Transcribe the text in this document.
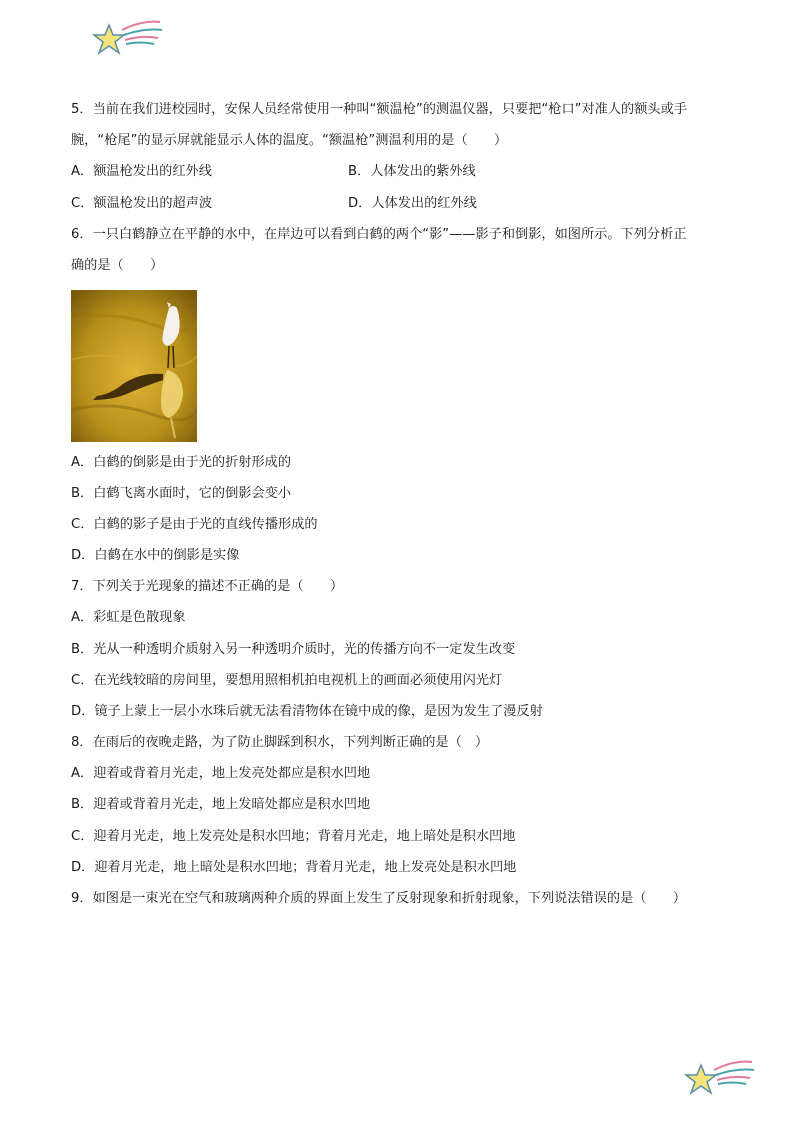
5．当前在我们进校园时，安保人员经常使用一种叫“额温枪”的测温仪器，只要把“枪口”对准人的额头或手
腕，“枪尾”的显示屏就能显示人体的温度。“额温枪”测温利用的是（　　）
A．额温枪发出的红外线	B．人体发出的紫外线
C．额温枪发出的超声波	D．人体发出的红外线
6．一只白鹤静立在平静的水中，在岸边可以看到白鹤的两个“影”——影子和倒影，如图所示。下列分析正
确的是（　　）
A．白鹤的倒影是由于光的折射形成的
B．白鹤飞离水面时，它的倒影会变小
C．白鹤的影子是由于光的直线传播形成的
D．白鹤在水中的倒影是实像
7．下列关于光现象的描述不正确的是（　　）
A．彩虹是色散现象
B．光从一种透明介质射入另一种透明介质时，光的传播方向不一定发生改变
C．在光线较暗的房间里，要想用照相机拍电视机上的画面必须使用闪光灯
D．镜子上蒙上一层小水珠后就无法看清物体在镜中成的像，是因为发生了漫反射
8．在雨后的夜晚走路，为了防止脚踩到积水，下列判断正确的是（　）
A．迎着或背着月光走，地上发亮处都应是积水凹地
B．迎着或背着月光走，地上发暗处都应是积水凹地
C．迎着月光走，地上发亮处是积水凹地；背着月光走，地上暗处是积水凹地
D．迎着月光走，地上暗处是积水凹地；背着月光走，地上发亮处是积水凹地
9．如图是一束光在空气和玻璃两种介质的界面上发生了反射现象和折射现象，下列说法错误的是（　　）
